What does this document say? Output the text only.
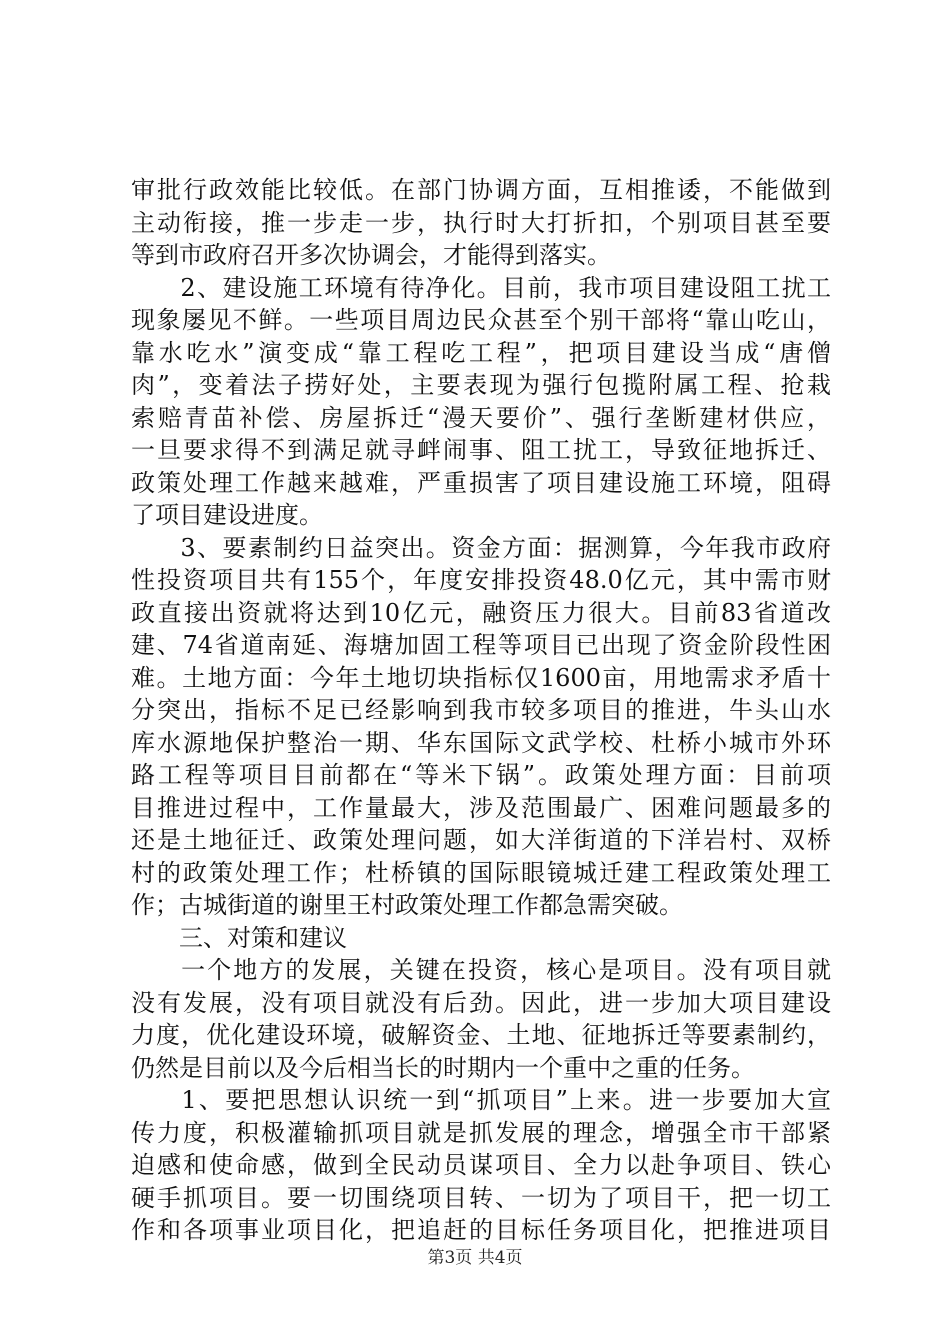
审批行政效能比较低。在部门协调方面，互相推诿，不能做到
主动衔接，推一步走一步，执行时大打折扣，个别项目甚至要
等到市政府召开多次协调会，才能得到落实。
　2、建设施工环境有待净化。目前，我市项目建设阻工扰工
现象屡见不鲜。一些项目周边民众甚至个别干部将“靠山吃山，
靠水吃水”演变成“靠工程吃工程”，把项目建设当成“唐僧
肉”，变着法子捞好处，主要表现为强行包揽附属工程、抢栽
索赔青苗补偿、房屋拆迁“漫天要价”、强行垄断建材供应，
一旦要求得不到满足就寻衅闹事、阻工扰工，导致征地拆迁、
政策处理工作越来越难，严重损害了项目建设施工环境，阻碍
了项目建设进度。
　3、要素制约日益突出。资金方面：据测算，今年我市政府
性投资项目共有155个，年度安排投资48.0亿元，其中需市财
政直接出资就将达到10亿元，融资压力很大。目前83省道改
建、74省道南延、海塘加固工程等项目已出现了资金阶段性困
难。土地方面：今年土地切块指标仅1600亩，用地需求矛盾十
分突出，指标不足已经影响到我市较多项目的推进，牛头山水
库水源地保护整治一期、华东国际文武学校、杜桥小城市外环
路工程等项目目前都在“等米下锅”。政策处理方面：目前项
目推进过程中，工作量最大，涉及范围最广、困难问题最多的
还是土地征迁、政策处理问题，如大洋街道的下洋岩村、双桥
村的政策处理工作；杜桥镇的国际眼镜城迁建工程政策处理工
作；古城街道的谢里王村政策处理工作都急需突破。
　三、对策和建议
　一个地方的发展，关键在投资，核心是项目。没有项目就
没有发展，没有项目就没有后劲。因此，进一步加大项目建设
力度，优化建设环境，破解资金、土地、征地拆迁等要素制约，
仍然是目前以及今后相当长的时期内一个重中之重的任务。
　1、要把思想认识统一到“抓项目”上来。进一步要加大宣
传力度，积极灌输抓项目就是抓发展的理念，增强全市干部紧
迫感和使命感，做到全民动员谋项目、全力以赴争项目、铁心
硬手抓项目。要一切围绕项目转、一切为了项目干，把一切工
作和各项事业项目化，把追赶的目标任务项目化，把推进项目
第3页 共4页
